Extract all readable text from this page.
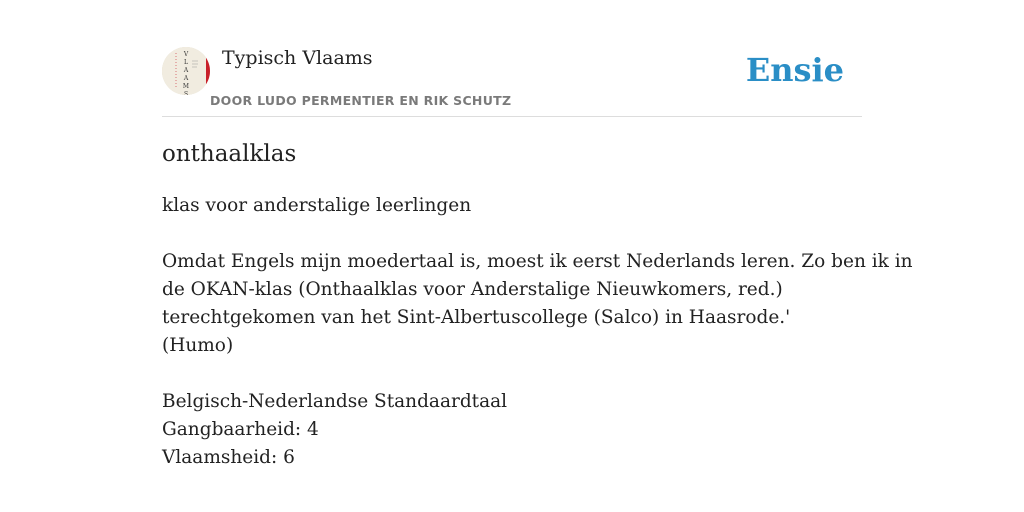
V
L
A
A
M
S
Typisch Vlaams
DOOR LUDO PERMENTIER EN RIK SCHUTZ
Ensie
onthaalklas
klas voor anderstalige leerlingen
Omdat Engels mijn moedertaal is, moest ik eerst Nederlands leren. Zo ben ik in
de OKAN-klas (Onthaalklas voor Anderstalige Nieuwkomers, red.)
terechtgekomen van het Sint-Albertuscollege (Salco) in Haasrode.'
(Humo)
Belgisch-Nederlandse Standaardtaal
Gangbaarheid: 4
Vlaamsheid: 6
